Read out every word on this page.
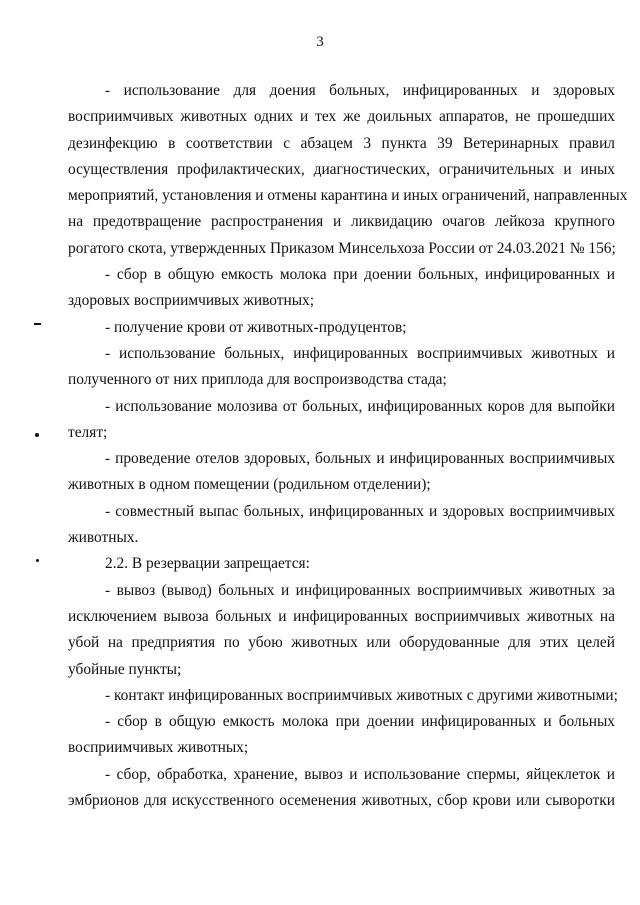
3
- использование для доения больных, инфицированных и здоровых
восприимчивых животных одних и тех же доильных аппаратов, не прошедших
дезинфекцию в соответствии с абзацем 3 пункта 39 Ветеринарных правил
осуществления профилактических, диагностических, ограничительных и иных
мероприятий, установления и отмены карантина и иных ограничений, направленных
на предотвращение распространения и ликвидацию очагов лейкоза крупного
рогатого скота, утвержденных Приказом Минсельхоза России от 24.03.2021 № 156;
- сбор в общую емкость молока при доении больных, инфицированных и
здоровых восприимчивых животных;
- получение крови от животных-продуцентов;
- использование больных, инфицированных восприимчивых животных и
полученного от них приплода для воспроизводства стада;
- использование молозива от больных, инфицированных коров для выпойки
телят;
- проведение отелов здоровых, больных и инфицированных восприимчивых
животных в одном помещении (родильном отделении);
- совместный выпас больных, инфицированных и здоровых восприимчивых
животных.
2.2. В резервации запрещается:
- вывоз (вывод) больных и инфицированных восприимчивых животных за
исключением вывоза больных и инфицированных восприимчивых животных на
убой на предприятия по убою животных или оборудованные для этих целей
убойные пункты;
- контакт инфицированных восприимчивых животных с другими животными;
- сбор в общую емкость молока при доении инфицированных и больных
восприимчивых животных;
- сбор, обработка, хранение, вывоз и использование спермы, яйцеклеток и
эмбрионов для искусственного осеменения животных, сбор крови или сыворотки
